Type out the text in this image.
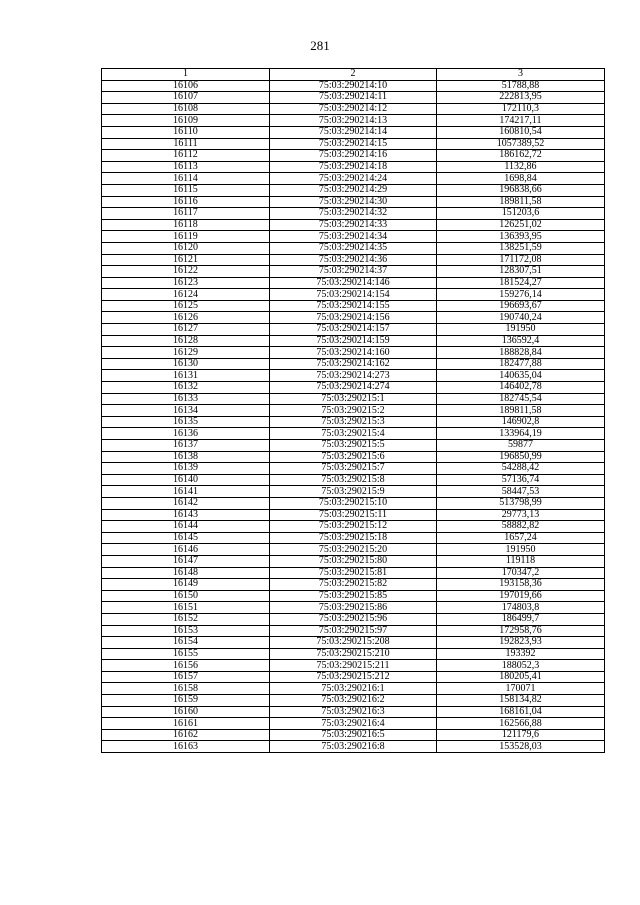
281
1	2	3
16106	75:03:290214:10	51788,88
16107	75:03:290214:11	222813,95
16108	75:03:290214:12	172110,3
16109	75:03:290214:13	174217,11
16110	75:03:290214:14	160810,54
16111	75:03:290214:15	1057389,52
16112	75:03:290214:16	186162,72
16113	75:03:290214:18	1132,86
16114	75:03:290214:24	1698,84
16115	75:03:290214:29	196838,66
16116	75:03:290214:30	189811,58
16117	75:03:290214:32	151203,6
16118	75:03:290214:33	126251,02
16119	75:03:290214:34	136393,95
16120	75:03:290214:35	138251,59
16121	75:03:290214:36	171172,08
16122	75:03:290214:37	128307,51
16123	75:03:290214:146	181524,27
16124	75:03:290214:154	159276,14
16125	75:03:290214:155	196693,67
16126	75:03:290214:156	190740,24
16127	75:03:290214:157	191950
16128	75:03:290214:159	136592,4
16129	75:03:290214:160	188828,84
16130	75:03:290214:162	182477,88
16131	75:03:290214:273	140635,04
16132	75:03:290214:274	146402,78
16133	75:03:290215:1	182745,54
16134	75:03:290215:2	189811,58
16135	75:03:290215:3	146902,8
16136	75:03:290215:4	133964,19
16137	75:03:290215:5	59877
16138	75:03:290215:6	196850,99
16139	75:03:290215:7	54288,42
16140	75:03:290215:8	57136,74
16141	75:03:290215:9	58447,53
16142	75:03:290215:10	513798,99
16143	75:03:290215:11	29773,13
16144	75:03:290215:12	58882,82
16145	75:03:290215:18	1657,24
16146	75:03:290215:20	191950
16147	75:03:290215:80	119118
16148	75:03:290215:81	170347,2
16149	75:03:290215:82	193158,36
16150	75:03:290215:85	197019,66
16151	75:03:290215:86	174803,8
16152	75:03:290215:96	186499,7
16153	75:03:290215:97	172958,76
16154	75:03:290215:208	192823,93
16155	75:03:290215:210	193392
16156	75:03:290215:211	188052,3
16157	75:03:290215:212	180205,41
16158	75:03:290216:1	170071
16159	75:03:290216:2	158134,82
16160	75:03:290216:3	168161,04
16161	75:03:290216:4	162566,88
16162	75:03:290216:5	121179,6
16163	75:03:290216:8	153528,03
